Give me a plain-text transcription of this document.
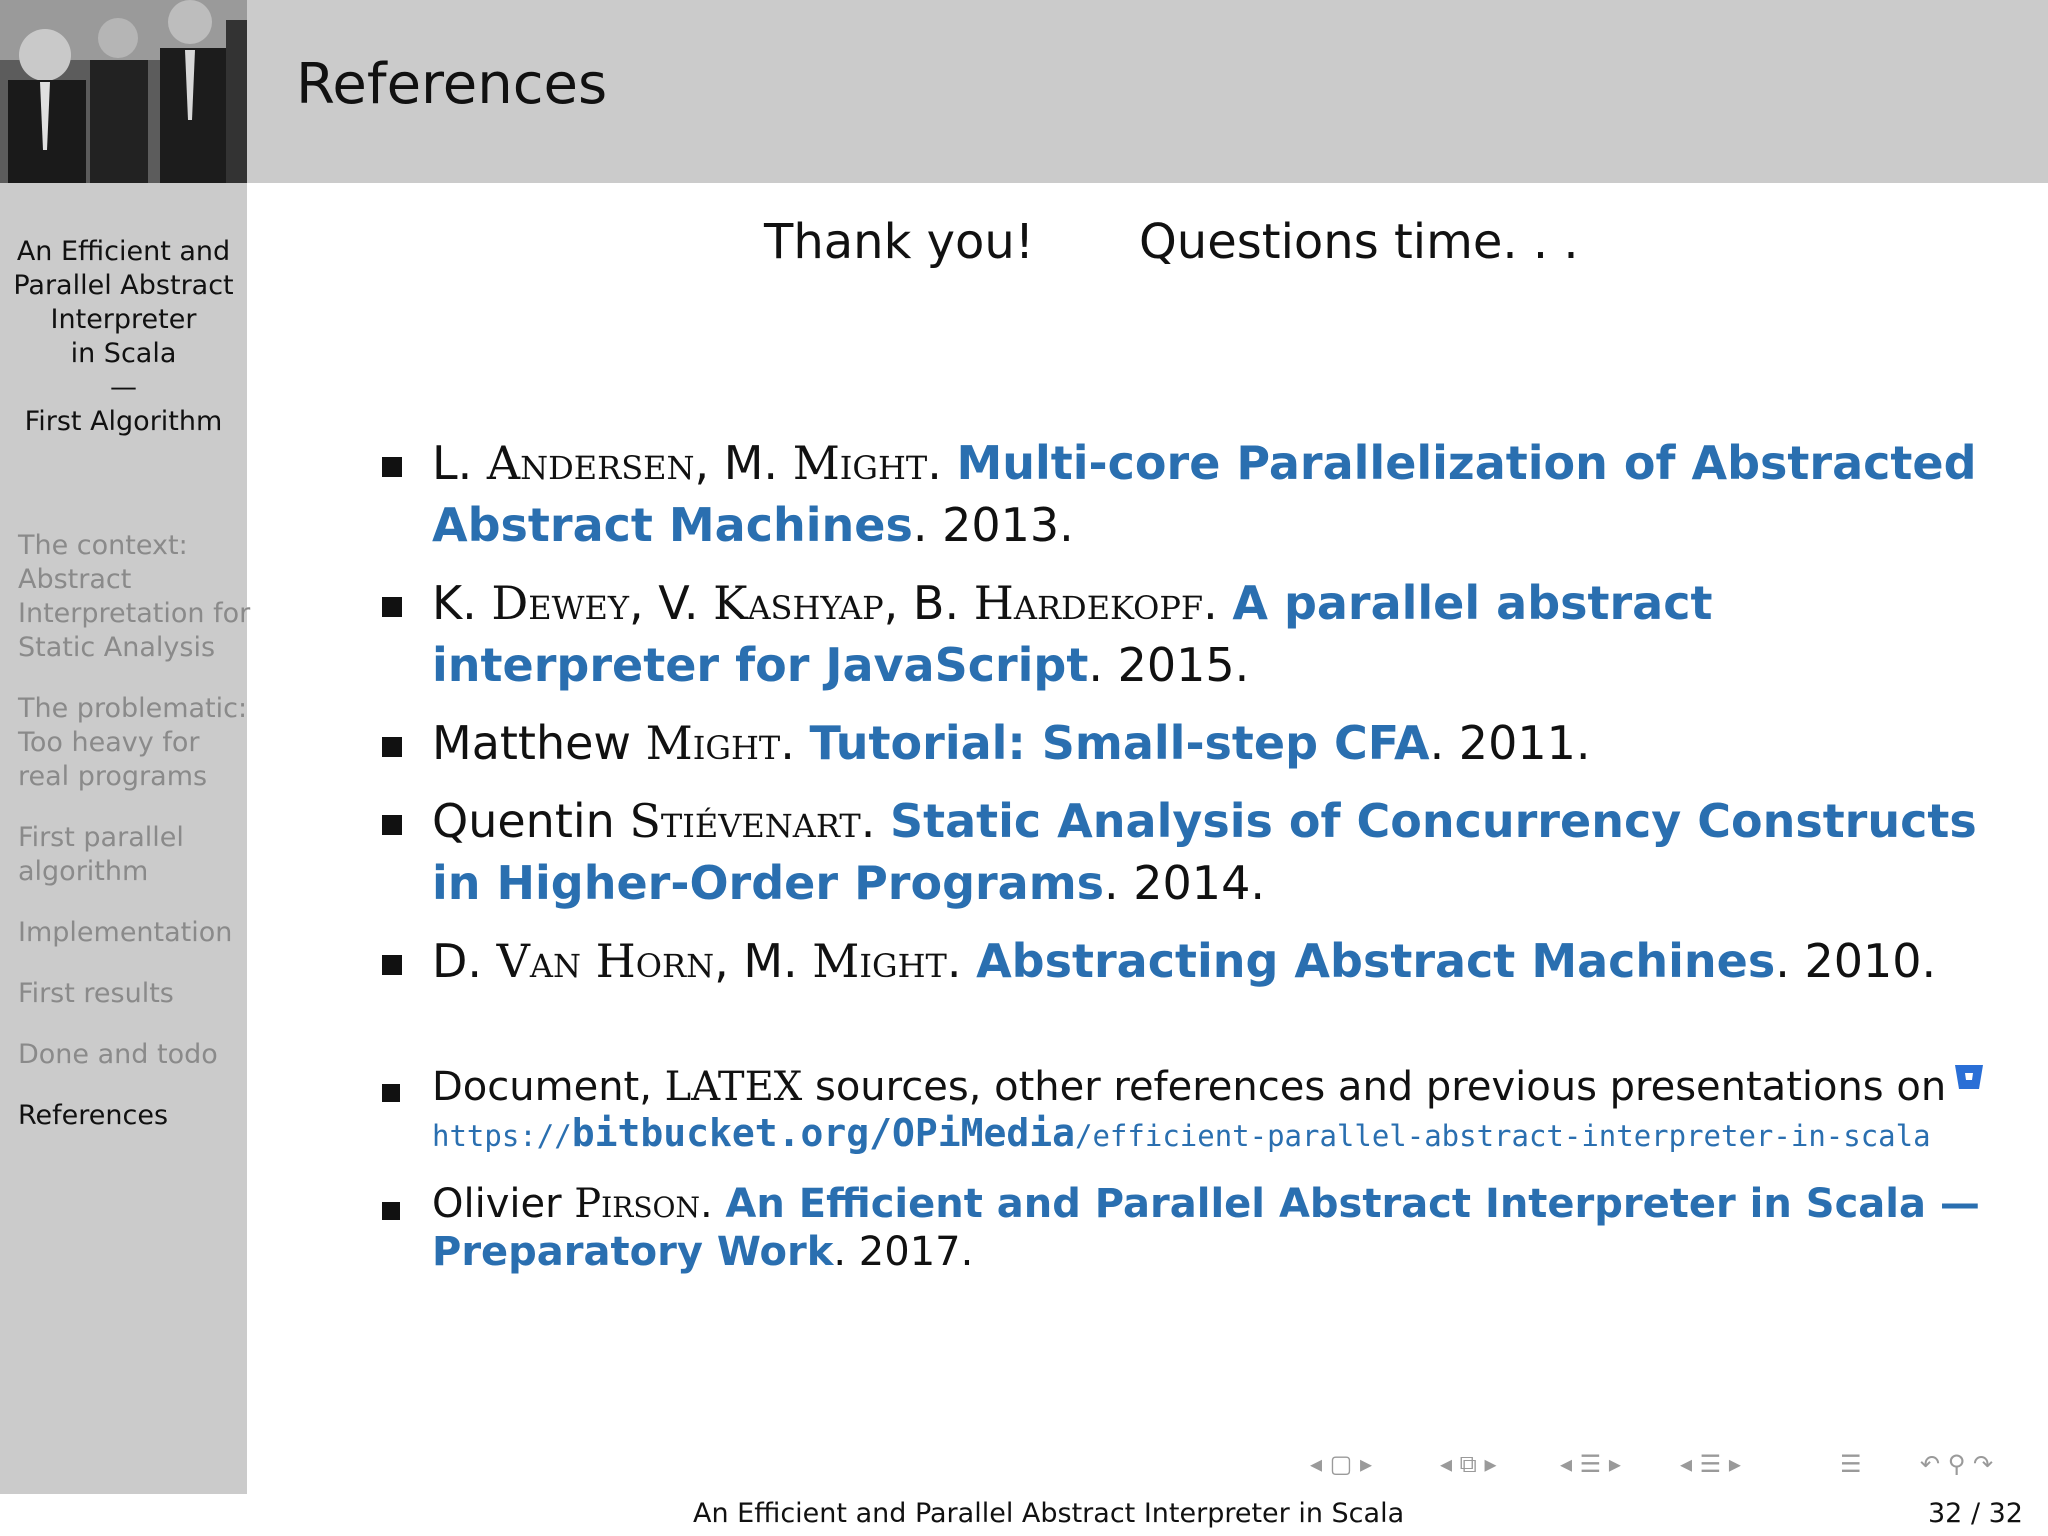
References
An Efficient and
Parallel Abstract
Interpreter
in Scala
—
First Algorithm
The context:
Abstract
Interpretation for
Static Analysis
The problematic:
Too heavy for
real programs
First parallel
algorithm
Implementation
First results
Done and todo
References
Thank you! Questions time. . .
L. Andersen, M. Might. Multi-core Parallelization of Abstracted Abstract Machines. 2013.
K. Dewey, V. Kashyap, B. Hardekopf. A parallel abstract interpreter for JavaScript. 2015.
Matthew Might. Tutorial: Small-step CFA. 2011.
Quentin Stiévenart. Static Analysis of Concurrency Constructs in Higher-Order Programs. 2014.
D. Van Horn, M. Might. Abstracting Abstract Machines. 2010.
Document, LATEX sources, other references and previous presentations on
https://bitbucket.org/OPiMedia/efficient-parallel-abstract-interpreter-in-scala
Olivier Pirson. An Efficient and Parallel Abstract Interpreter in Scala — Preparatory Work. 2017.
◂ ▢ ▸	◂ ⧉ ▸	◂ ☰ ▸ ◂ ☰ ▸	☰ ↶ ⚲ ↷
An Efficient and Parallel Abstract Interpreter in Scala	32 / 32
